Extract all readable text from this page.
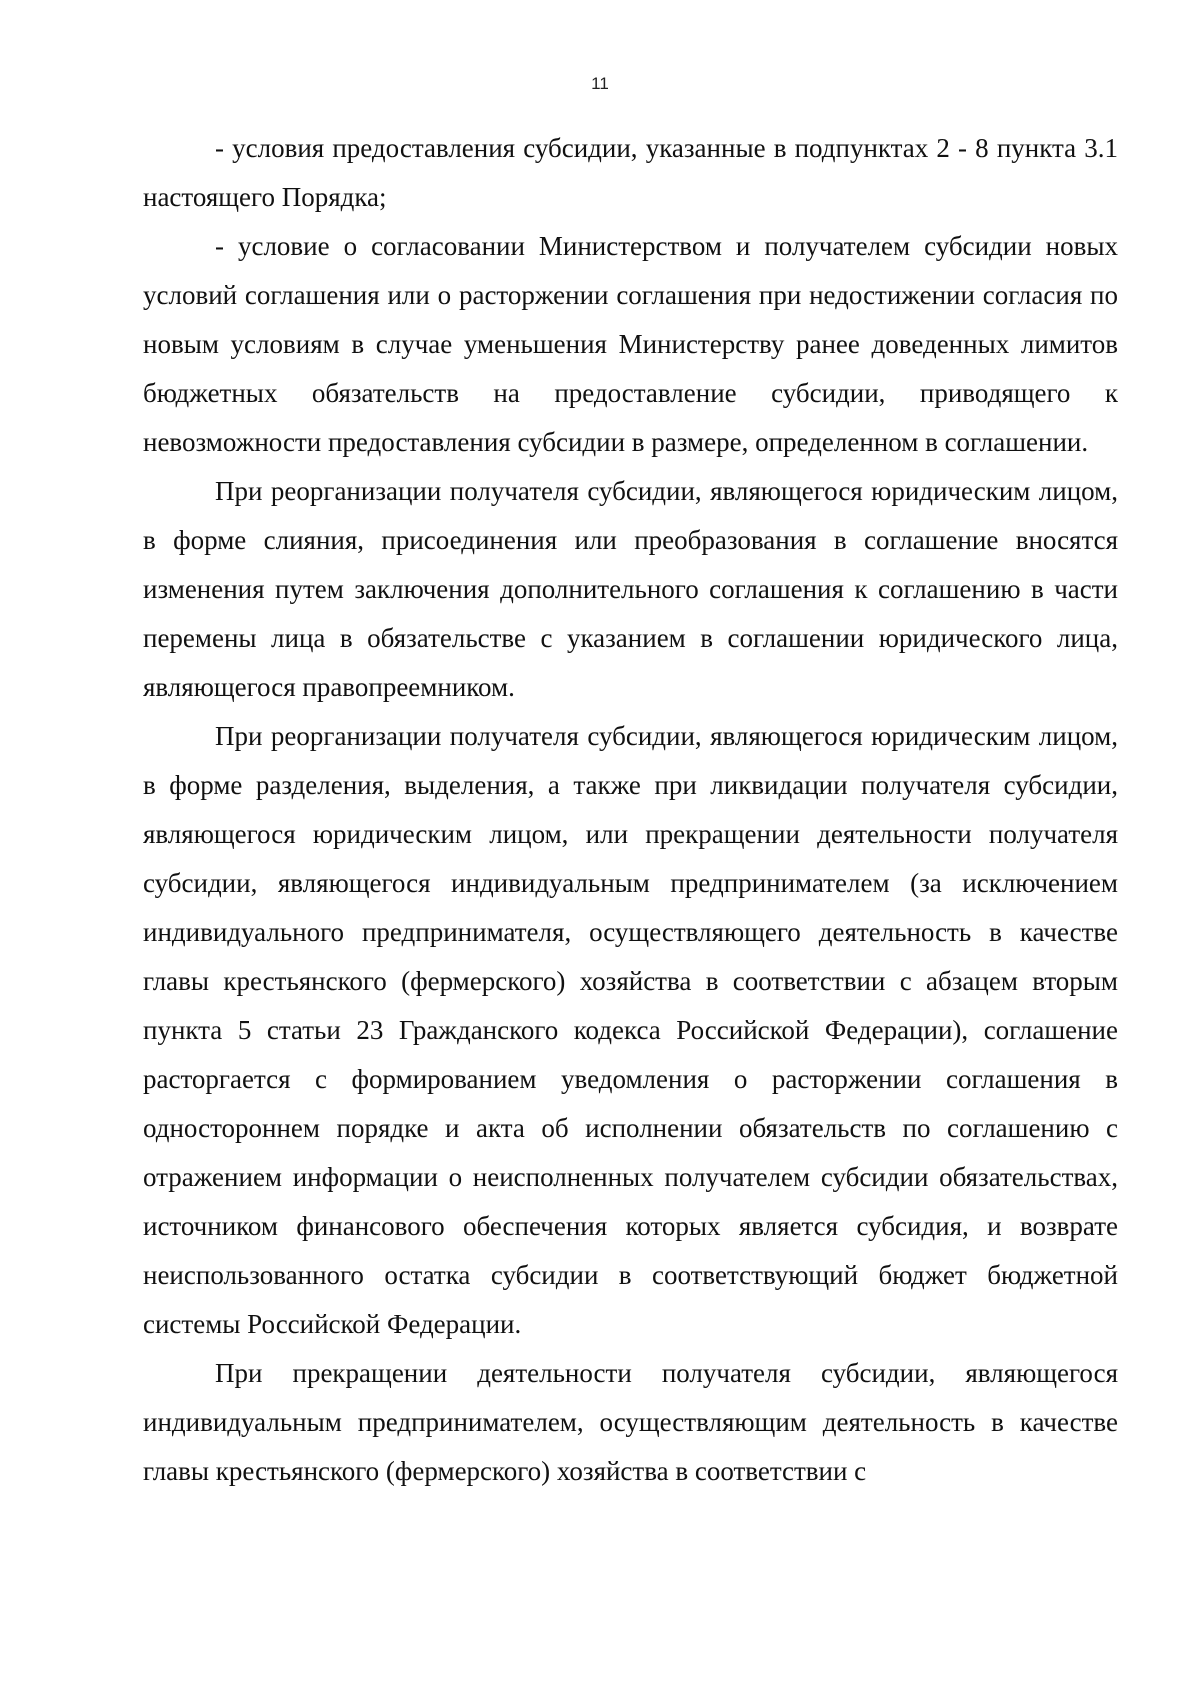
11

- условия предоставления субсидии, указанные в подпунктах 2 - 8 пункта 3.1 настоящего Порядка;

- условие о согласовании Министерством и получателем субсидии новых условий соглашения или о расторжении соглашения при недостижении согласия по новым условиям в случае уменьшения Министерству ранее доведенных лимитов бюджетных обязательств на предоставление субсидии, приводящего к невозможности предоставления субсидии в размере, определенном в соглашении.

При реорганизации получателя субсидии, являющегося юридическим лицом, в форме слияния, присоединения или преобразования в соглашение вносятся изменения путем заключения дополнительного соглашения к соглашению в части перемены лица в обязательстве с указанием в соглашении юридического лица, являющегося правопреемником.

При реорганизации получателя субсидии, являющегося юридическим лицом, в форме разделения, выделения, а также при ликвидации получателя субсидии, являющегося юридическим лицом, или прекращении деятельности получателя субсидии, являющегося индивидуальным предпринимателем (за исключением индивидуального предпринимателя, осуществляющего деятельность в качестве главы крестьянского (фермерского) хозяйства в соответствии с абзацем вторым пункта 5 статьи 23 Гражданского кодекса Российской Федерации), соглашение расторгается с формированием уведомления о расторжении соглашения в одностороннем порядке и акта об исполнении обязательств по соглашению с отражением информации о неисполненных получателем субсидии обязательствах, источником финансового обеспечения которых является субсидия, и возврате неиспользованного остатка субсидии в соответствующий бюджет бюджетной системы Российской Федерации.

При прекращении деятельности получателя субсидии, являющегося индивидуальным предпринимателем, осуществляющим деятельность в качестве главы крестьянского (фермерского) хозяйства в соответствии с
